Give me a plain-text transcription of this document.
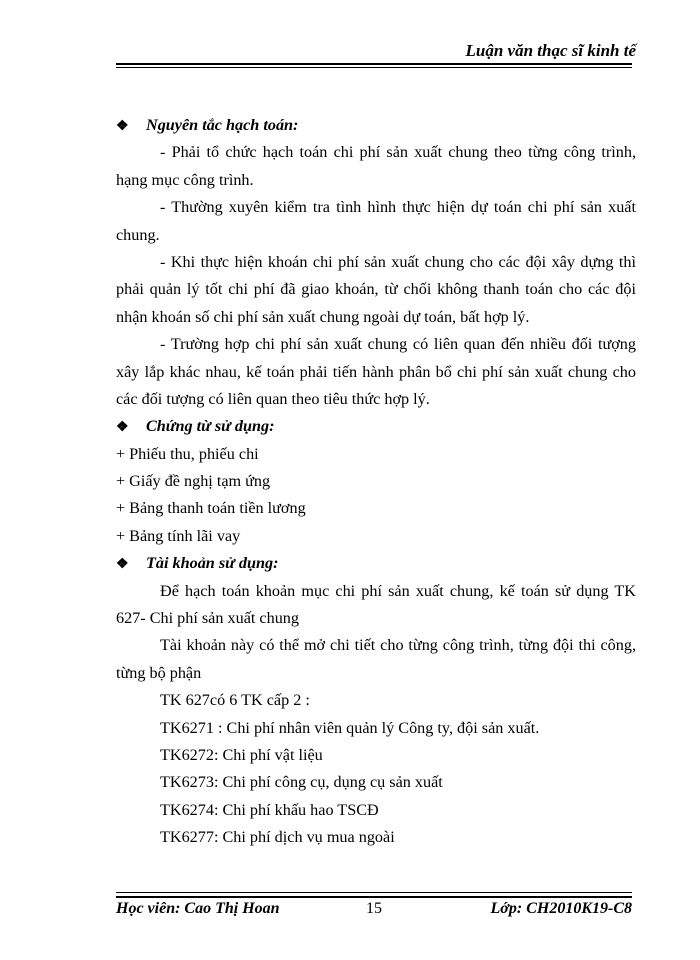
Luận văn thạc sĩ kinh tế
❖ Nguyên tắc hạch toán:
- Phải tổ chức hạch toán chi phí sản xuất chung theo từng công trình,
hạng mục công trình.
- Thường xuyên kiểm tra tình hình thực hiện dự toán chi phí sản xuất
chung.
- Khi thực hiện khoán chi phí sản xuất chung cho các đội xây dựng thì
phải quản lý tốt chi phí đã giao khoán, từ chối không thanh toán cho các đội
nhận khoán số chi phí sản xuất chung ngoài dự toán, bất hợp lý.
- Trường hợp chi phí sản xuất chung có liên quan đến nhiều đối tượng
xây lắp khác nhau, kế toán phải tiến hành phân bổ chi phí sản xuất chung cho
các đối tượng có liên quan theo tiêu thức hợp lý.
❖ Chứng từ sử dụng:
+ Phiếu thu, phiếu chi
+ Giấy đề nghị tạm ứng
+ Bảng thanh toán tiền lương
+ Bảng tính lãi vay
❖ Tài khoản sử dụng:
Để hạch toán khoản mục chi phí sản xuất chung, kế toán sử dụng TK
627- Chi phí sản xuất chung
Tài khoản này có thể mở chi tiết cho từng công trình, từng đội thi công,
từng bộ phận
TK 627có 6 TK cấp 2 :
TK6271 : Chi phí nhân viên quản lý Công ty, đội sản xuất.
TK6272: Chi phí vật liệu
TK6273: Chi phí công cụ, dụng cụ sản xuất
TK6274: Chi phí khấu hao TSCĐ
TK6277: Chi phí dịch vụ mua ngoài
Học viên: Cao Thị Hoan	15	Lớp: CH2010K19-C8
